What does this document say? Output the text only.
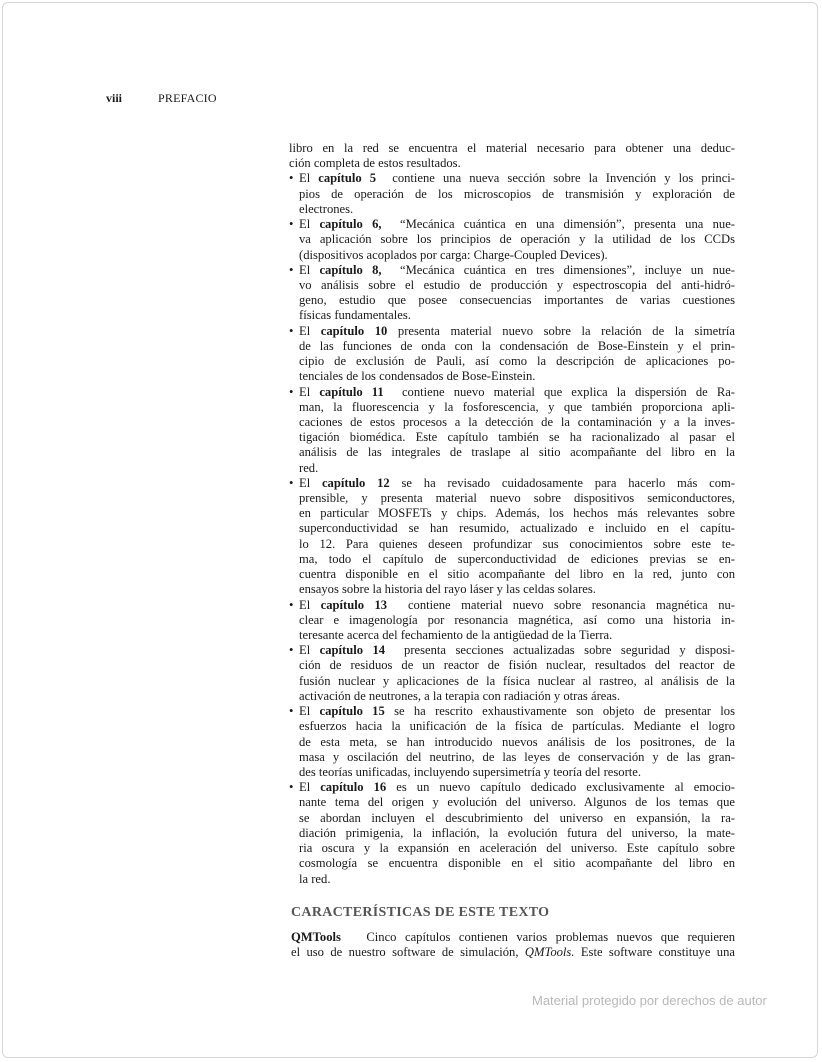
viii	PREFACIO
libro en la red se encuentra el material necesario para obtener una deduc-
ción completa de estos resultados.
• El capítulo 5  contiene una nueva sección sobre la Invención y los princi-
pios de operación de los microscopios de transmisión y exploración de
electrones.
• El capítulo 6,  “Mecánica cuántica en una dimensión”, presenta una nue-
va aplicación sobre los principios de operación y la utilidad de los CCDs
(dispositivos acoplados por carga: Charge-Coupled Devices).
• El capítulo 8,  “Mecánica cuántica en tres dimensiones”, incluye un nue-
vo análisis sobre el estudio de producción y espectroscopia del anti-hidró-
geno, estudio que posee consecuencias importantes de varias cuestiones
físicas fundamentales.
• El capítulo 10 presenta material nuevo sobre la relación de la simetría
de las funciones de onda con la condensación de Bose-Einstein y el prin-
cipio de exclusión de Pauli, así como la descripción de aplicaciones po-
tenciales de los condensados de Bose-Einstein.
• El capítulo 11  contiene nuevo material que explica la dispersión de Ra-
man, la fluorescencia y la fosforescencia, y que también proporciona apli-
caciones de estos procesos a la detección de la contaminación y a la inves-
tigación biomédica. Este capítulo también se ha racionalizado al pasar el
análisis de las integrales de traslape al sitio acompañante del libro en la
red.
• El capítulo 12 se ha revisado cuidadosamente para hacerlo más com-
prensible, y presenta material nuevo sobre dispositivos semiconductores,
en particular MOSFETs y chips. Además, los hechos más relevantes sobre
superconductividad se han resumido, actualizado e incluido en el capítu-
lo 12. Para quienes deseen profundizar sus conocimientos sobre este te-
ma, todo el capítulo de superconductividad de ediciones previas se en-
cuentra disponible en el sitio acompañante del libro en la red, junto con
ensayos sobre la historia del rayo láser y las celdas solares.
• El capítulo 13  contiene material nuevo sobre resonancia magnética nu-
clear e imagenología por resonancia magnética, así como una historia in-
teresante acerca del fechamiento de la antigüedad de la Tierra.
• El capítulo 14  presenta secciones actualizadas sobre seguridad y disposi-
ción de residuos de un reactor de fisión nuclear, resultados del reactor de
fusión nuclear y aplicaciones de la física nuclear al rastreo, al análisis de la
activación de neutrones, a la terapia con radiación y otras áreas.
• El capítulo 15 se ha rescrito exhaustivamente son objeto de presentar los
esfuerzos hacia la unificación de la física de partículas. Mediante el logro
de esta meta, se han introducido nuevos análisis de los positrones, de la
masa y oscilación del neutrino, de las leyes de conservación y de las gran-
des teorías unificadas, incluyendo supersimetría y teoría del resorte.
• El capítulo 16 es un nuevo capítulo dedicado exclusivamente al emocio-
nante tema del origen y evolución del universo. Algunos de los temas que
se abordan incluyen el descubrimiento del universo en expansión, la ra-
diación primigenia, la inflación, la evolución futura del universo, la mate-
ria oscura y la expansión en aceleración del universo. Este capítulo sobre
cosmología se encuentra disponible en el sitio acompañante del libro en
la red.
CARACTERÍSTICAS DE ESTE TEXTO
QMTools   Cinco capítulos contienen varios problemas nuevos que requieren
el uso de nuestro software de simulación, QMTools. Este software constituye una
Material protegido por derechos de autor
